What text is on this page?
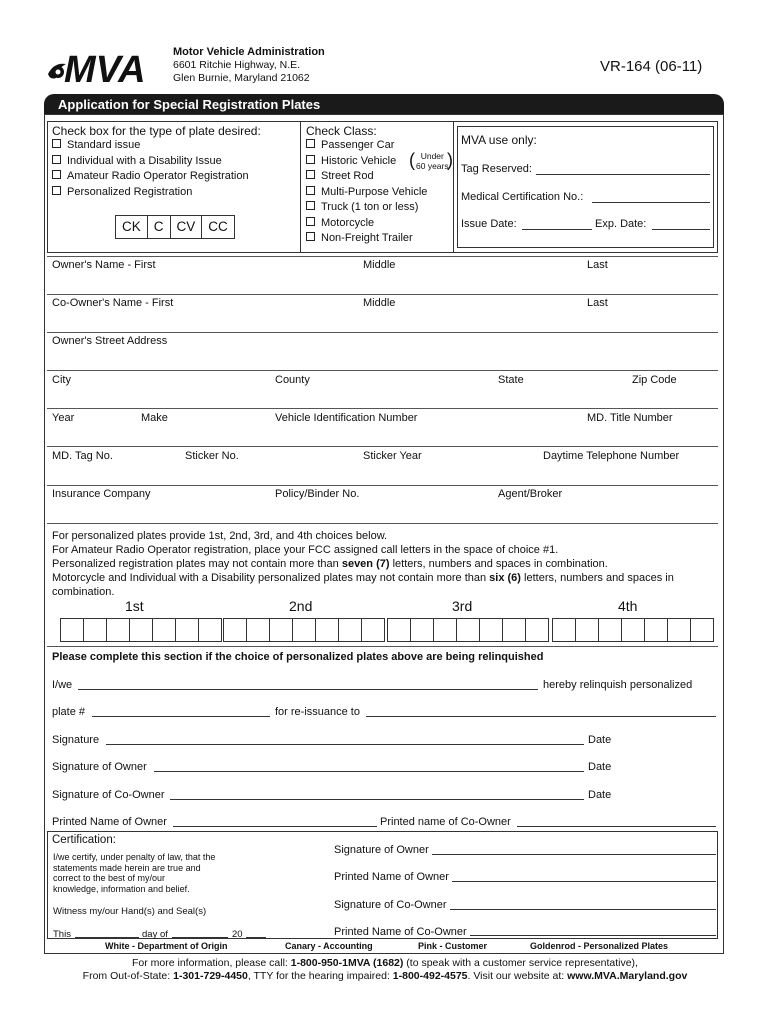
MVA Motor Vehicle Administration
6601 Ritchie Highway, N.E.
Glen Burnie, Maryland 21062
VR-164 (06-11)
Application for Special Registration Plates
Check box for the type of plate desired:
Standard issue
Individual with a Disability Issue
Amateur Radio Operator Registration
Personalized Registration
CK C CV CC
Check Class:
Passenger Car
Historic Vehicle
Street Rod
Multi-Purpose Vehicle
Truck (1 ton or less)
Motorcycle
Non-Freight Trailer
( Under
60 years
)
MVA use only:
Tag Reserved:
Medical Certification No.:
Issue Date:	Exp. Date:
Owner's Name - First	Middle	Last
Co-Owner's Name - First	Middle	Last
Owner's Street Address
City	County	State	Zip Code
Year	Make	Vehicle Identification Number	MD. Title Number
MD. Tag No.	Sticker No.	Sticker Year	Daytime Telephone Number
Insurance Company	Policy/Binder No.	Agent/Broker
For personalized plates provide 1st, 2nd, 3rd, and 4th choices below.
For Amateur Radio Operator registration, place your FCC assigned call letters in the space of choice #1.
Personalized registration plates may not contain more than seven (7) letters, numbers and spaces in combination.
Motorcycle and Individual with a Disability personalized plates may not contain more than six (6) letters, numbers and spaces in
combination.
1st	2nd	3rd	4th
Please complete this section if the choice of personalized plates above are being relinquished
I/we	hereby relinquish personalized
plate #	for re-issuance to
Signature	Date
Signature of Owner	Date
Signature of Co-Owner	Date
Printed Name of Owner	Printed name of Co-Owner
Certification:
I/we certify, under penalty of law, that the
statements made herein are true and
correct to the best of my/our
knowledge, information and belief.
Witness my/our Hand(s) and Seal(s)
This	day of	20
Signature of Owner
Printed Name of Owner
Signature of Co-Owner
Printed Name of Co-Owner
White - Department of Origin	Canary - Accounting	Pink - Customer	Goldenrod - Personalized Plates
For more information, please call: 1-800-950-1MVA (1682) (to speak with a customer service representative),
From Out-of-State: 1-301-729-4450, TTY for the hearing impaired: 1-800-492-4575. Visit our website at: www.MVA.Maryland.gov
